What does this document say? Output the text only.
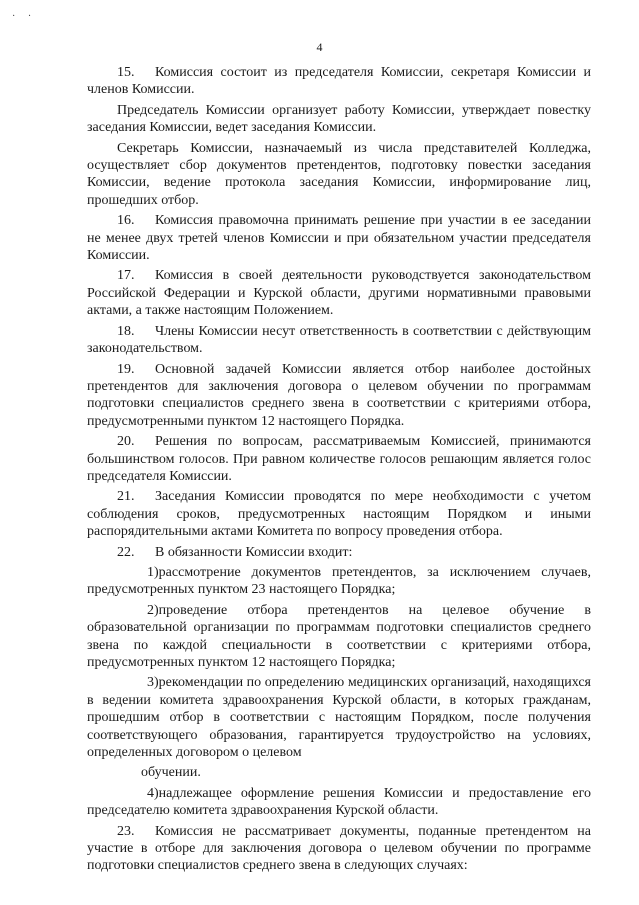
·     ·
4

15. Комиссия состоит из председателя Комиссии, секретаря Комиссии и членов Комиссии.

Председатель Комиссии организует работу Комиссии, утверждает повестку заседания Комиссии, ведет заседания Комиссии.

Секретарь Комиссии, назначаемый из числа представителей Колледжа, осуществляет сбор документов претендентов, подготовку повестки заседания Комиссии, ведение протокола заседания Комиссии, информирование лиц, прошедших отбор.

16. Комиссия правомочна принимать решение при участии в ее заседании не менее двух третей членов Комиссии и при обязательном участии председателя Комиссии.

17. Комиссия в своей деятельности руководствуется законодательством Российской Федерации и Курской области, другими нормативными правовыми актами, а также настоящим Положением.

18. Члены Комиссии несут ответственность в соответствии с действующим законодательством.

19. Основной задачей Комиссии является отбор наиболее достойных претендентов для заключения договора о целевом обучении по программам подготовки специалистов среднего звена в соответствии с критериями отбора, предусмотренными пунктом 12 настоящего Порядка.

20. Решения по вопросам, рассматриваемым Комиссией, принимаются большинством голосов. При равном количестве голосов решающим является голос председателя Комиссии.

21. Заседания Комиссии проводятся по мере необходимости с учетом соблюдения сроков, предусмотренных настоящим Порядком и иными распорядительными актами Комитета по вопросу проведения отбора.

22. В обязанности Комиссии входит:

1)рассмотрение документов претендентов, за исключением случаев, предусмотренных пунктом 23 настоящего Порядка;

2)проведение отбора претендентов на целевое обучение в образовательной организации по программам подготовки специалистов среднего звена по каждой специальности в соответствии с критериями отбора, предусмотренных пунктом 12 настоящего Порядка;

3)рекомендации по определению медицинских организаций, находящихся в ведении комитета здравоохранения Курской области, в которых гражданам, прошедшим отбор в соответствии с настоящим Порядком, после получения соответствующего образования, гарантируется трудоустройство на условиях, определенных договором о целевом

обучении.

4)надлежащее оформление решения Комиссии и предоставление его председателю комитета здравоохранения Курской области.

23. Комиссия не рассматривает документы, поданные претендентом на участие в отборе для заключения договора о целевом обучении по программе подготовки специалистов среднего звена в следующих случаях:
